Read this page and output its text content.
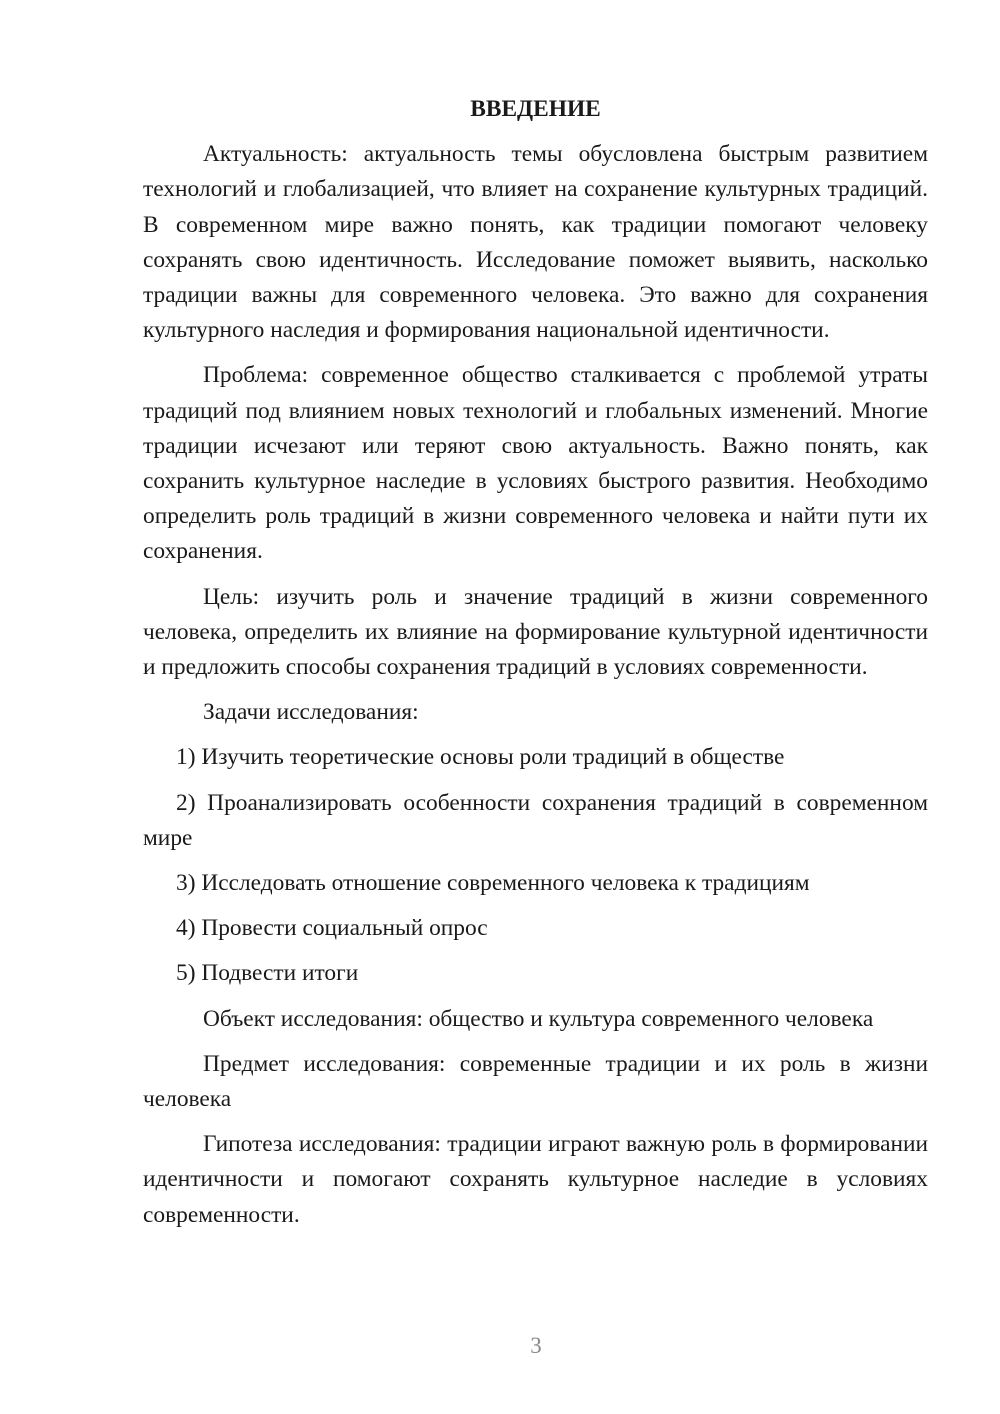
ВВЕДЕНИЕ

Актуальность: актуальность темы обусловлена быстрым развитием технологий и глобализацией, что влияет на сохранение культурных традиций. В современном мире важно понять, как традиции помогают человеку сохранять свою идентичность. Исследование поможет выявить, насколько традиции важны для современного человека. Это важно для сохранения культурного наследия и формирования национальной идентичности.

Проблема: современное общество сталкивается с проблемой утраты традиций под влиянием новых технологий и глобальных изменений. Многие традиции исчезают или теряют свою актуальность. Важно понять, как сохранить культурное наследие в условиях быстрого развития. Необходимо определить роль традиций в жизни современного человека и найти пути их сохранения.

Цель: изучить роль и значение традиций в жизни современного человека, определить их влияние на формирование культурной идентичности и предложить способы сохранения традиций в условиях современности.

Задачи исследования:

1) Изучить теоретические основы роли традиций в обществе

2) Проанализировать особенности сохранения традиций в современном мире

3) Исследовать отношение современного человека к традициям

4) Провести социальный опрос

5) Подвести итоги

Объект исследования: общество и культура современного человека

Предмет исследования: современные традиции и их роль в жизни человека

Гипотеза исследования: традиции играют важную роль в формировании идентичности и помогают сохранять культурное наследие в условиях современности.

3
